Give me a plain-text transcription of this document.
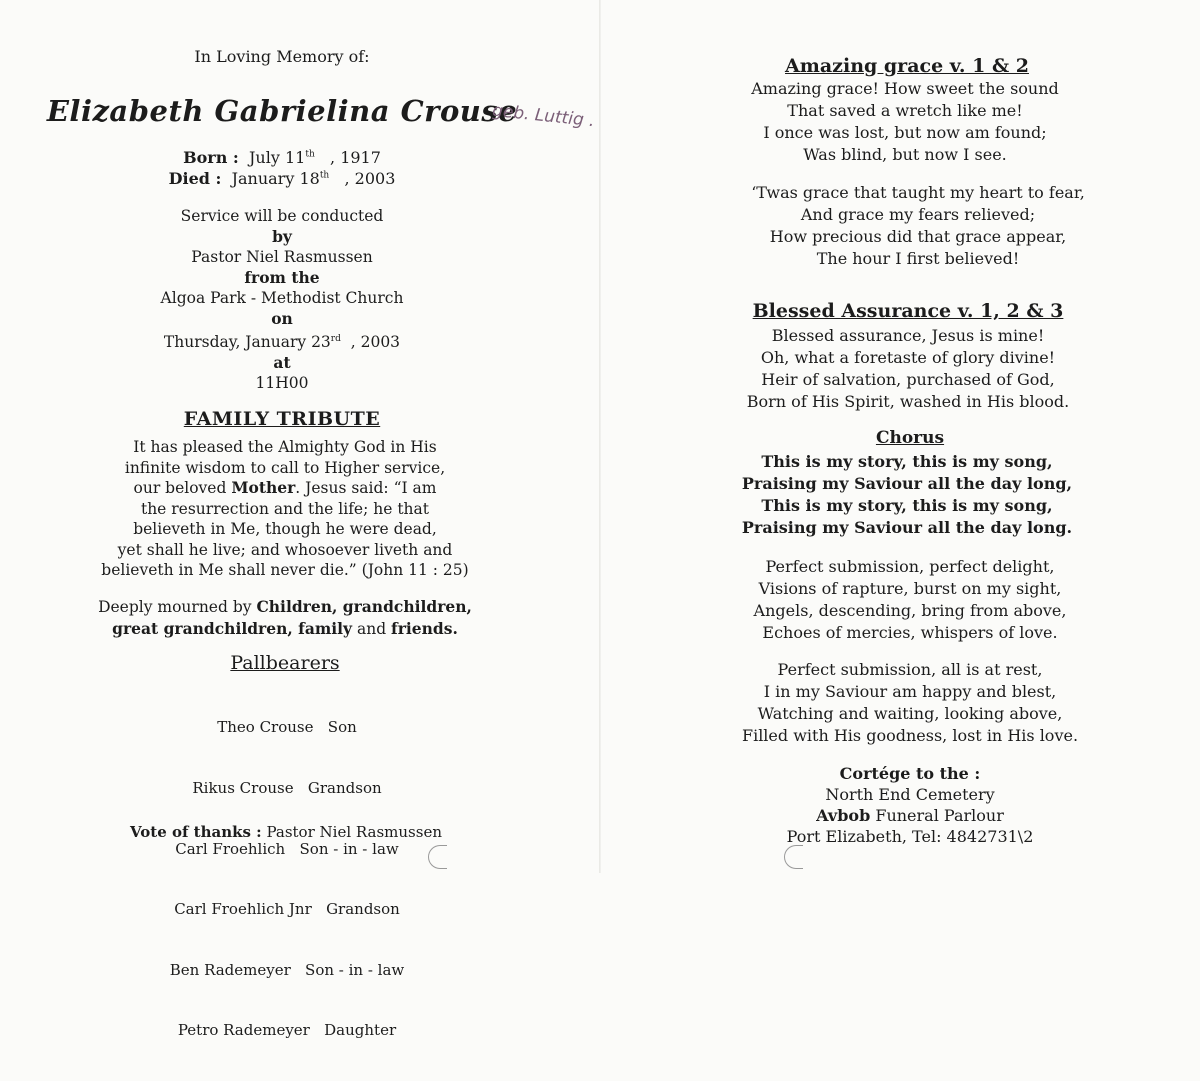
In Loving Memory of:
Elizabeth Gabrielina Crouse
geb. Luttig .
Born : July 11th , 1917
Died : January 18th , 2003
Service will be conducted
by
Pastor Niel Rasmussen
from the
Algoa Park - Methodist Church
on
Thursday, January 23rd , 2003
at
11H00
FAMILY TRIBUTE
It has pleased the Almighty God in His
infinite wisdom to call to Higher service,
our beloved Mother. Jesus said: “I am
the resurrection and the life; he that
believeth in Me, though he were dead,
yet shall he live; and whosoever liveth and
believeth in Me shall never die.” (John 11 : 25)
Deeply mourned by Children, grandchildren,
great grandchildren, family and friends.
Pallbearers

Theo Crouse   Son

Rikus Crouse   Grandson

Carl Froehlich   Son - in - law

Carl Froehlich Jnr   Grandson

Ben Rademeyer   Son - in - law

Petro Rademeyer   Daughter

Vote of thanks : Pastor Niel Rasmussen
Amazing grace v. 1 & 2
Amazing grace! How sweet the sound
That saved a wretch like me!
I once was lost, but now am found;
Was blind, but now I see.
‘Twas grace that taught my heart to fear,
And grace my fears relieved;
How precious did that grace appear,
The hour I first believed!
Blessed Assurance v. 1, 2 & 3
Blessed assurance, Jesus is mine!
Oh, what a foretaste of glory divine!
Heir of salvation, purchased of God,
Born of His Spirit, washed in His blood.
Chorus
This is my story, this is my song,
Praising my Saviour all the day long,
This is my story, this is my song,
Praising my Saviour all the day long.
Perfect submission, perfect delight,
Visions of rapture, burst on my sight,
Angels, descending, bring from above,
Echoes of mercies, whispers of love.
Perfect submission, all is at rest,
I in my Saviour am happy and blest,
Watching and waiting, looking above,
Filled with His goodness, lost in His love.
Cortége to the :
North End Cemetery
Avbob Funeral Parlour
Port Elizabeth, Tel: 4842731\2
